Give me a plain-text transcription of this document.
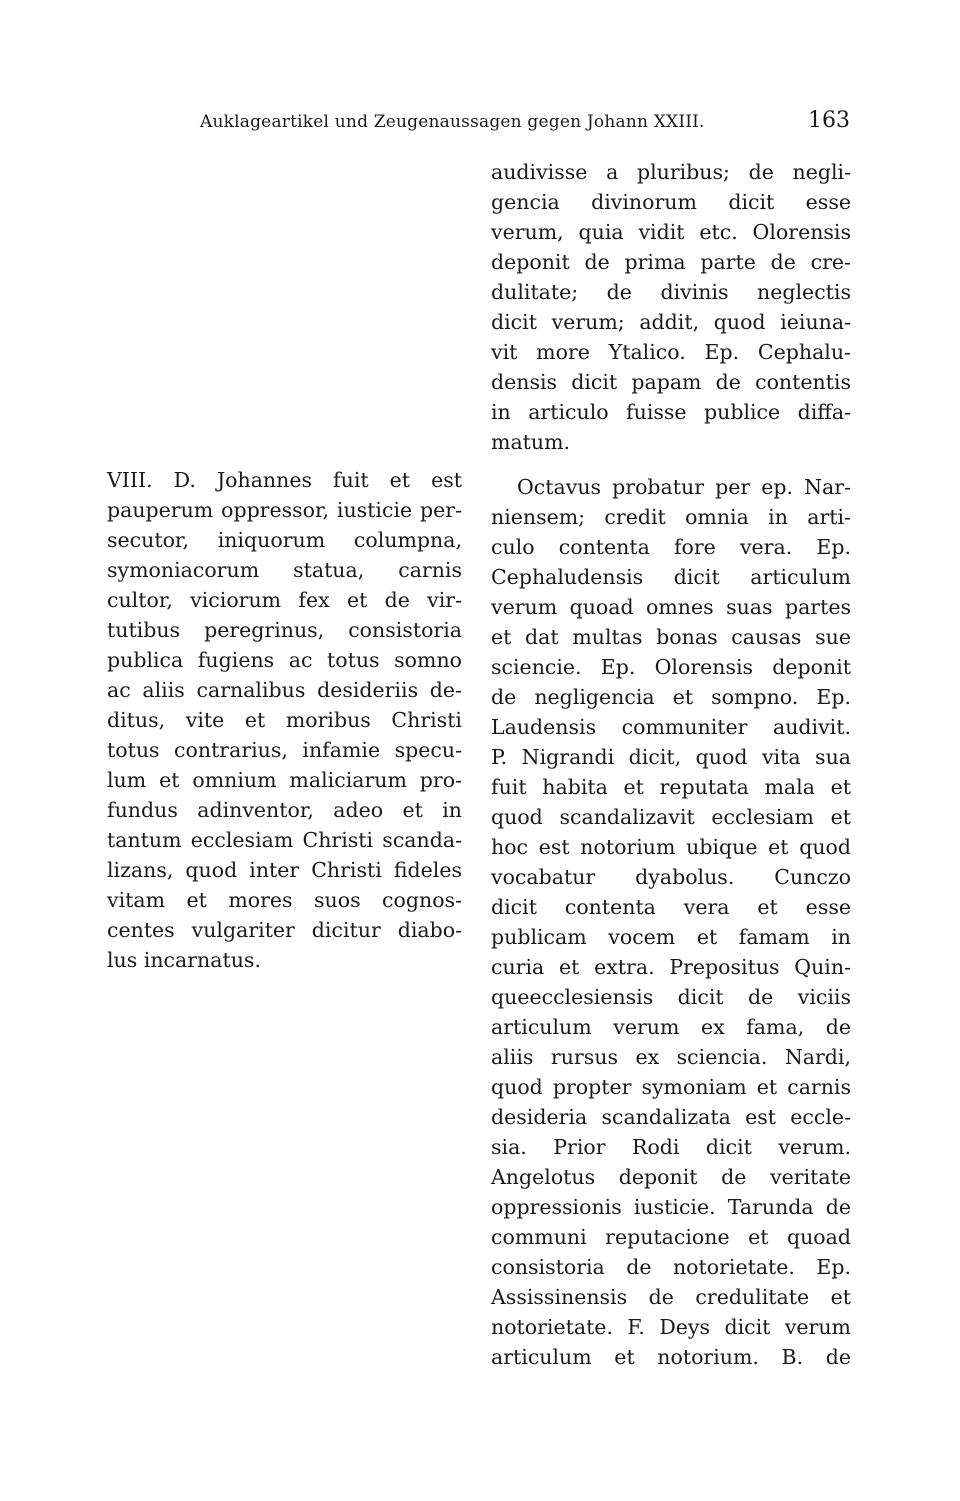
Auklageartikel und Zeugenaussagen gegen Johann XXIII.	163
VIII. D. Johannes fuit et est
pauperum oppressor, iusticie per-
secutor, iniquorum columpna,
symoniacorum statua, carnis
cultor, viciorum fex et de vir-
tutibus peregrinus, consistoria
publica fugiens ac totus somno
ac aliis carnalibus desideriis de-
ditus, vite et moribus Christi
totus contrarius, infamie specu-
lum et omnium maliciarum pro-
fundus adinventor, adeo et in
tantum ecclesiam Christi scanda-
lizans, quod inter Christi fideles
vitam et mores suos cognos-
centes vulgariter dicitur diabo-
lus incarnatus.
audivisse a pluribus; de negli-
gencia divinorum dicit esse
verum, quia vidit etc. Olorensis
deponit de prima parte de cre-
dulitate; de divinis neglectis
dicit verum; addit, quod ieiuna-
vit more Ytalico. Ep. Cephalu-
densis dicit papam de contentis
in articulo fuisse publice diffa-
matum.
Octavus probatur per ep. Nar-
niensem; credit omnia in arti-
culo contenta fore vera. Ep.
Cephaludensis dicit articulum
verum quoad omnes suas partes
et dat multas bonas causas sue
sciencie. Ep. Olorensis deponit
de negligencia et sompno. Ep.
Laudensis communiter audivit.
P. Nigrandi dicit, quod vita sua
fuit habita et reputata mala et
quod scandalizavit ecclesiam et
hoc est notorium ubique et quod
vocabatur dyabolus. Cunczo
dicit contenta vera et esse
publicam vocem et famam in
curia et extra. Prepositus Quin-
queecclesiensis dicit de viciis
articulum verum ex fama, de
aliis rursus ex sciencia. Nardi,
quod propter symoniam et carnis
desideria scandalizata est eccle-
sia. Prior Rodi dicit verum.
Angelotus deponit de veritate
oppressionis iusticie. Tarunda de
communi reputacione et quoad
consistoria de notorietate. Ep.
Assissinensis de credulitate et
notorietate. F. Deys dicit verum
articulum et notorium. B. de
